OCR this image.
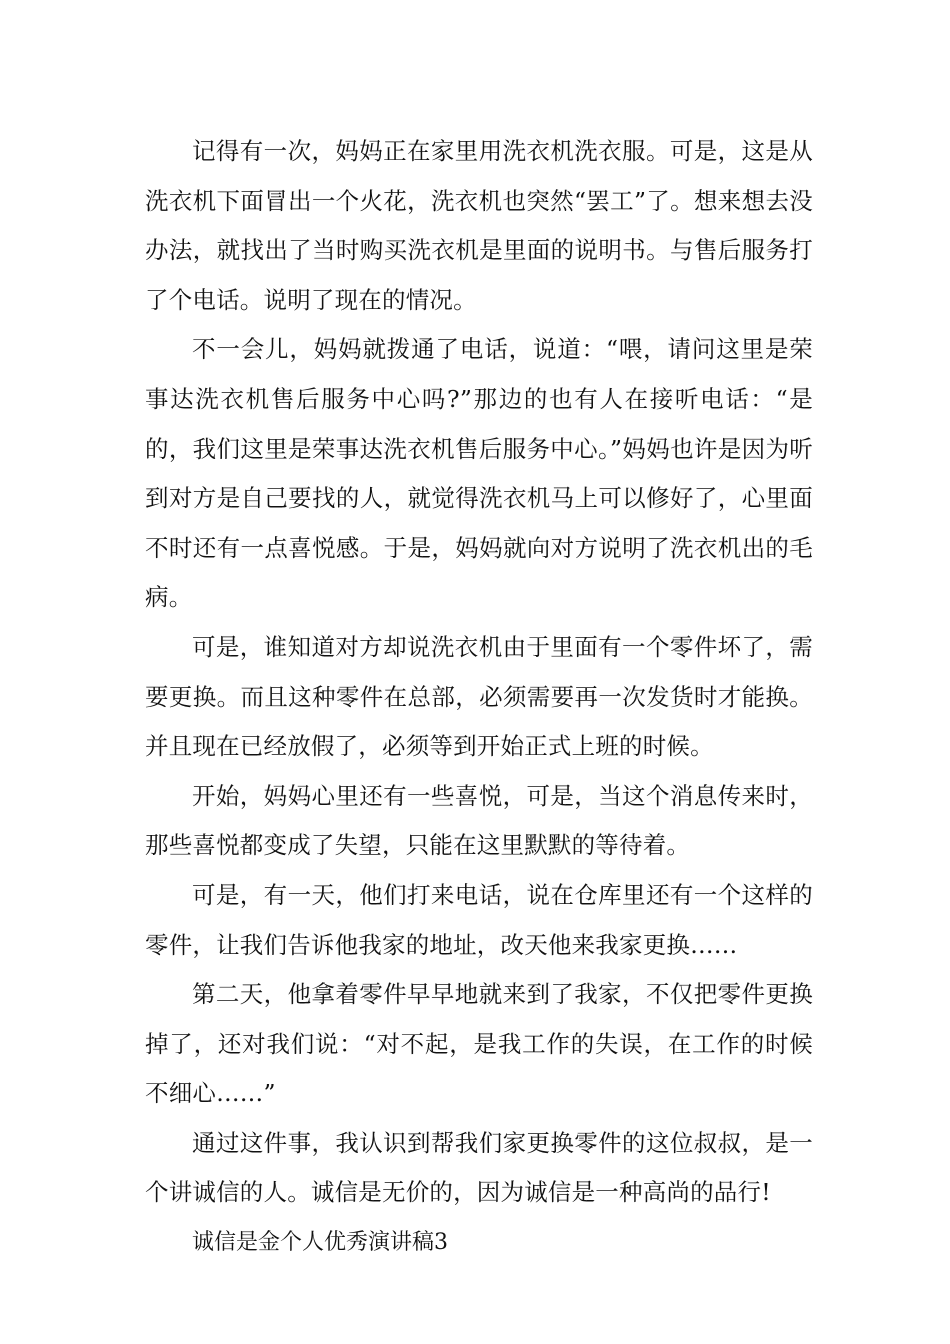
记得有一次，妈妈正在家里用洗衣机洗衣服。可是，这是从洗衣机下面冒出一个火花，洗衣机也突然“罢工”了。想来想去没办法，就找出了当时购买洗衣机是里面的说明书。与售后服务打了个电话。说明了现在的情况。

不一会儿，妈妈就拨通了电话，说道：“喂，请问这里是荣事达洗衣机售后服务中心吗?”那边的也有人在接听电话：“是的，我们这里是荣事达洗衣机售后服务中心。”妈妈也许是因为听到对方是自己要找的人，就觉得洗衣机马上可以修好了，心里面不时还有一点喜悦感。于是，妈妈就向对方说明了洗衣机出的毛病。

可是，谁知道对方却说洗衣机由于里面有一个零件坏了，需要更换。而且这种零件在总部，必须需要再一次发货时才能换。并且现在已经放假了，必须等到开始正式上班的时候。

开始，妈妈心里还有一些喜悦，可是，当这个消息传来时，那些喜悦都变成了失望，只能在这里默默的等待着。

可是，有一天，他们打来电话，说在仓库里还有一个这样的零件，让我们告诉他我家的地址，改天他来我家更换……

第二天，他拿着零件早早地就来到了我家，不仅把零件更换掉了，还对我们说：“对不起，是我工作的失误，在工作的时候不细心……”

通过这件事，我认识到帮我们家更换零件的这位叔叔，是一个讲诚信的人。诚信是无价的，因为诚信是一种高尚的品行!

诚信是金个人优秀演讲稿3
